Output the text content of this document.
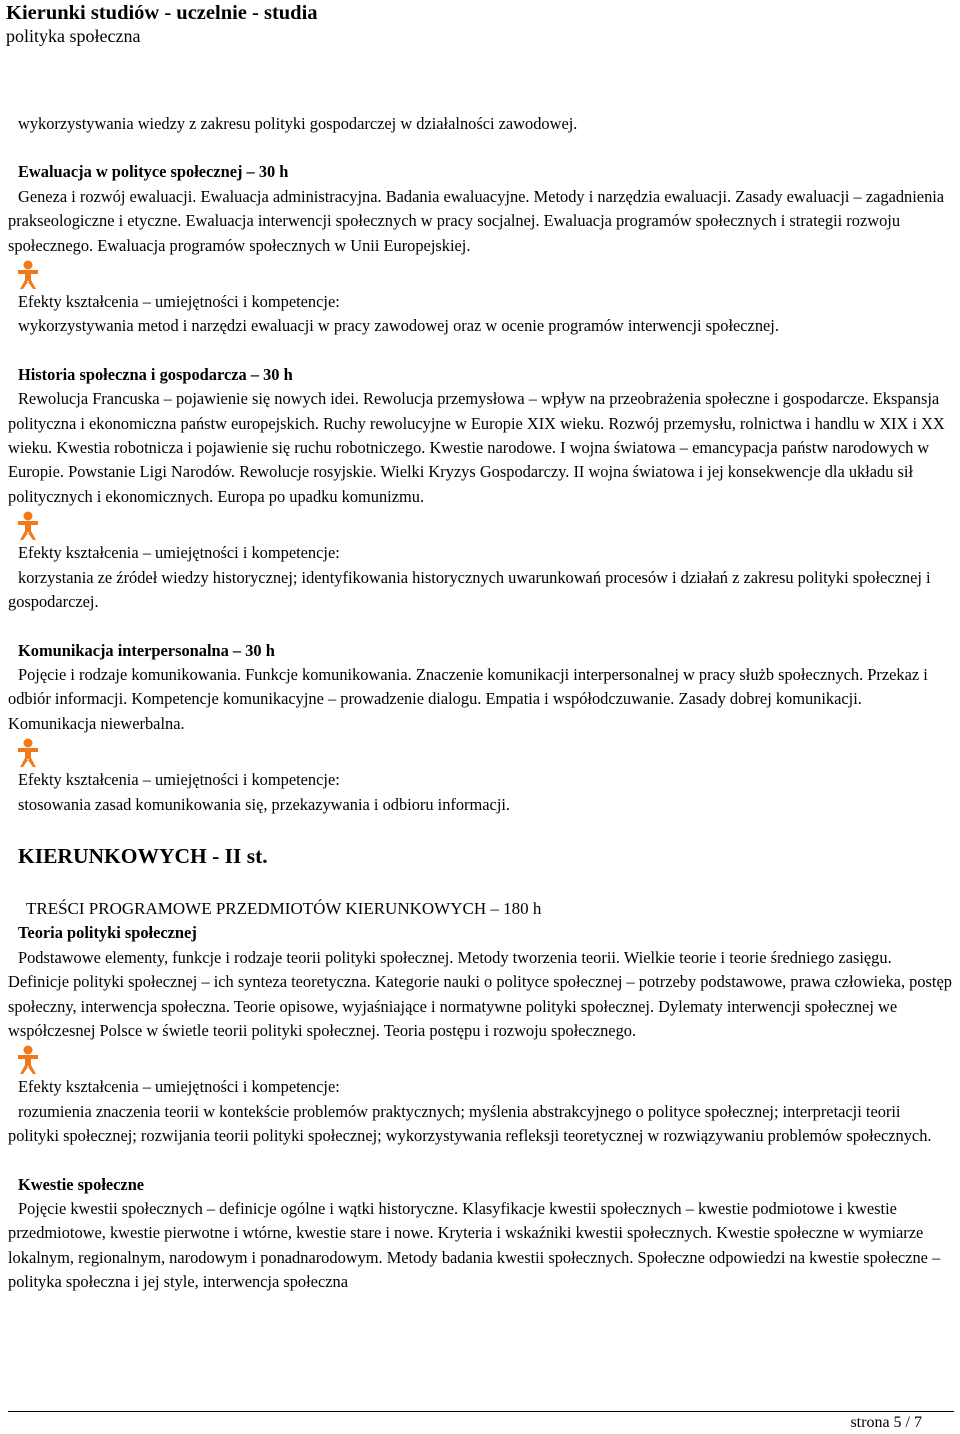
Kierunki studiów - uczelnie - studia
polityka społeczna

wykorzystywania wiedzy z zakresu polityki gospodarczej w działalności zawodowej.

Ewaluacja w polityce społecznej – 30 h

Geneza i rozwój ewaluacji. Ewaluacja administracyjna. Badania ewaluacyjne. Metody i narzędzia ewaluacji. Zasady ewaluacji – zagadnienia prakseologiczne i etyczne. Ewaluacja interwencji społecznych w pracy socjalnej. Ewaluacja programów społecznych i strategii rozwoju społecznego. Ewaluacja programów społecznych w Unii Europejskiej.

Efekty kształcenia – umiejętności i kompetencje:

wykorzystywania metod i narzędzi ewaluacji w pracy zawodowej oraz w ocenie programów interwencji społecznej.

Historia społeczna i gospodarcza – 30 h

Rewolucja Francuska – pojawienie się nowych idei. Rewolucja przemysłowa – wpływ na przeobrażenia społeczne i gospodarcze. Ekspansja polityczna i ekonomiczna państw europejskich. Ruchy rewolucyjne w Europie XIX wieku. Rozwój przemysłu, rolnictwa i handlu w XIX i XX wieku. Kwestia robotnicza i pojawienie się ruchu robotniczego. Kwestie narodowe. I wojna światowa – emancypacja państw narodowych w Europie. Powstanie Ligi Narodów. Rewolucje rosyjskie. Wielki Kryzys Gospodarczy. II wojna światowa i jej konsekwencje dla układu sił politycznych i ekonomicznych. Europa po upadku komunizmu.

Efekty kształcenia – umiejętności i kompetencje:

korzystania ze źródeł wiedzy historycznej; identyfikowania historycznych uwarunkowań procesów i działań z zakresu polityki społecznej i gospodarczej.

Komunikacja interpersonalna – 30 h

Pojęcie i rodzaje komunikowania. Funkcje komunikowania. Znaczenie komunikacji interpersonalnej w pracy służb społecznych. Przekaz i odbiór informacji. Kompetencje komunikacyjne – prowadzenie dialogu. Empatia i współodczuwanie. Zasady dobrej komunikacji. Komunikacja niewerbalna.

Efekty kształcenia – umiejętności i kompetencje:

stosowania zasad komunikowania się, przekazywania i odbioru informacji.

KIERUNKOWYCH - II st.

TREŚCI PROGRAMOWE PRZEDMIOTÓW KIERUNKOWYCH – 180 h

Teoria polityki społecznej

Podstawowe elementy, funkcje i rodzaje teorii polityki społecznej. Metody tworzenia teorii. Wielkie teorie i teorie średniego zasięgu. Definicje polityki społecznej – ich synteza teoretyczna. Kategorie nauki o polityce społecznej – potrzeby podstawowe, prawa człowieka, postęp społeczny, interwencja społeczna. Teorie opisowe, wyjaśniające i normatywne polityki społecznej. Dylematy interwencji społecznej we współczesnej Polsce w świetle teorii polityki społecznej. Teoria postępu i rozwoju społecznego.

Efekty kształcenia – umiejętności i kompetencje:

rozumienia znaczenia teorii w kontekście problemów praktycznych; myślenia abstrakcyjnego o polityce społecznej; interpretacji teorii polityki społecznej; rozwijania teorii polityki społecznej; wykorzystywania refleksji teoretycznej w rozwiązywaniu problemów społecznych.

Kwestie społeczne

Pojęcie kwestii społecznych – definicje ogólne i wątki historyczne. Klasyfikacje kwestii społecznych – kwestie podmiotowe i kwestie przedmiotowe, kwestie pierwotne i wtórne, kwestie stare i nowe. Kryteria i wskaźniki kwestii społecznych. Kwestie społeczne w wymiarze lokalnym, regionalnym, narodowym i ponadnarodowym. Metody badania kwestii społecznych. Społeczne odpowiedzi na kwestie społeczne – polityka społeczna i jej style, interwencja społeczna

strona 5 / 7
